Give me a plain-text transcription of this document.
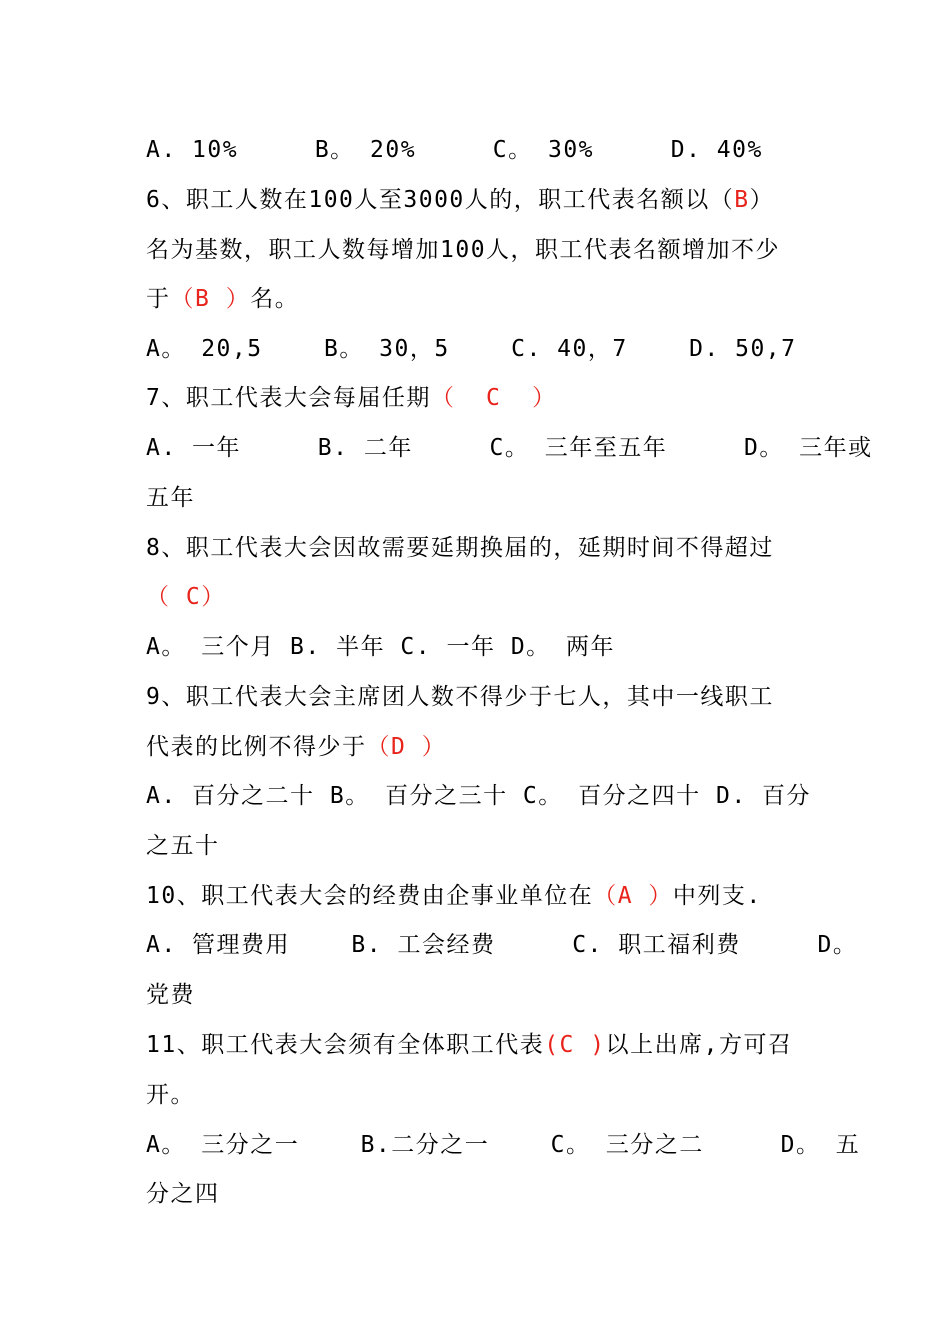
A. 10%     B。 20%     C。 30%     D. 40%
6、职工人数在100人至3000人的，职工代表名额以（B）
名为基数，职工人数每增加100人，职工代表名额增加不少
于（B ）名。
A。 20,5    B。 30，5    C. 40，7    D. 50,7
7、职工代表大会每届任期（  C  ）
A. 一年     B. 二年     C。 三年至五年     D。 三年或
五年
8、职工代表大会因故需要延期换届的，延期时间不得超过
（ C）
A。 三个月 B. 半年 C. 一年 D。 两年
9、职工代表大会主席团人数不得少于七人，其中一线职工
代表的比例不得少于（D ）
A. 百分之二十 B。 百分之三十 C。 百分之四十 D. 百分
之五十
10、职工代表大会的经费由企事业单位在（A ）中列支.
A. 管理费用    B. 工会经费     C. 职工福利费     D。
党费
11、职工代表大会须有全体职工代表(C )以上出席,方可召
开。
A。 三分之一    B.二分之一    C。 三分之二     D。 五
分之四
